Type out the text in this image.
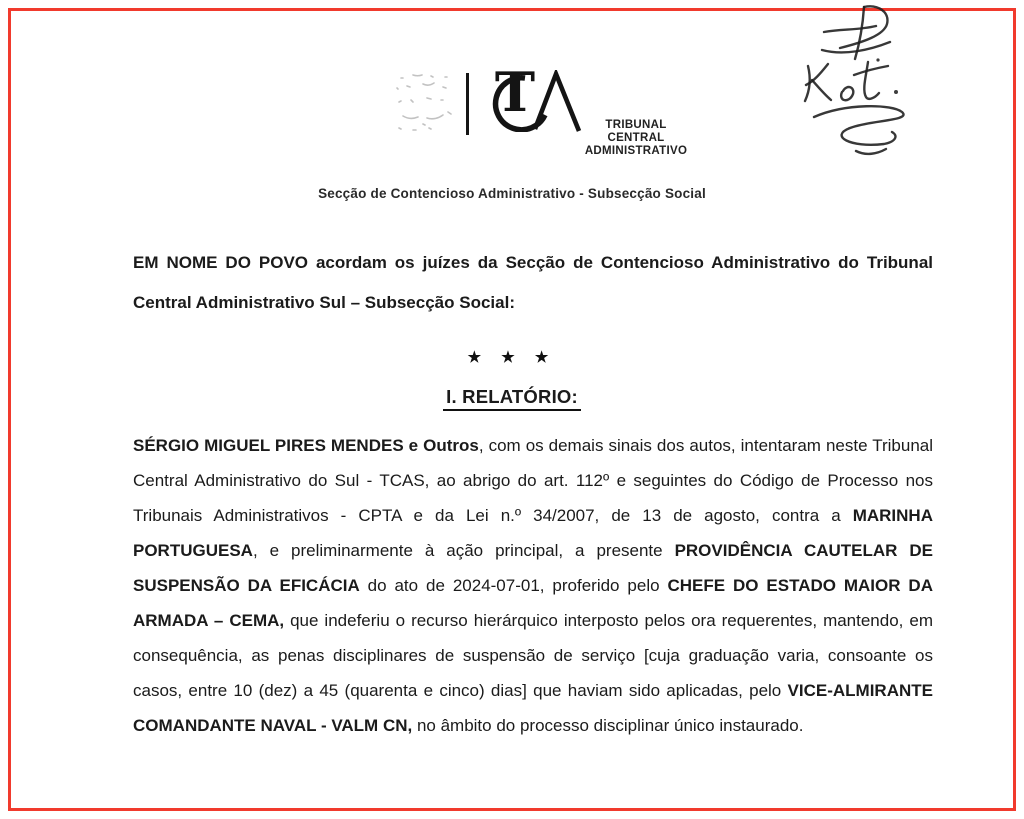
T
TRIBUNAL
CENTRAL
ADMINISTRATIVO
Secção de Contencioso Administrativo - Subsecção Social
EM NOME DO POVO acordam os juízes da Secção de Contencioso Administrativo do Tribunal Central Administrativo Sul – Subsecção Social:
★ ★ ★
I. RELATÓRIO:
SÉRGIO MIGUEL PIRES MENDES e Outros, com os demais sinais dos autos, intentaram neste Tribunal Central Administrativo do Sul - TCAS, ao abrigo do art. 112º e seguintes do Código de Processo nos Tribunais Administrativos - CPTA e da Lei n.º 34/2007, de 13 de agosto, contra a MARINHA PORTUGUESA, e preliminarmente à ação principal, a presente PROVIDÊNCIA CAUTELAR DE SUSPENSÃO DA EFICÁCIA do ato de 2024-07-01, proferido pelo CHEFE DO ESTADO MAIOR DA ARMADA – CEMA, que indeferiu o recurso hierárquico interposto pelos ora requerentes, mantendo, em consequência, as penas disciplinares de suspensão de serviço [cuja graduação varia, consoante os casos, entre 10 (dez) a 45 (quarenta e cinco) dias] que haviam sido aplicadas, pelo VICE-ALMIRANTE COMANDANTE NAVAL - VALM CN, no âmbito do processo disciplinar único instaurado.
